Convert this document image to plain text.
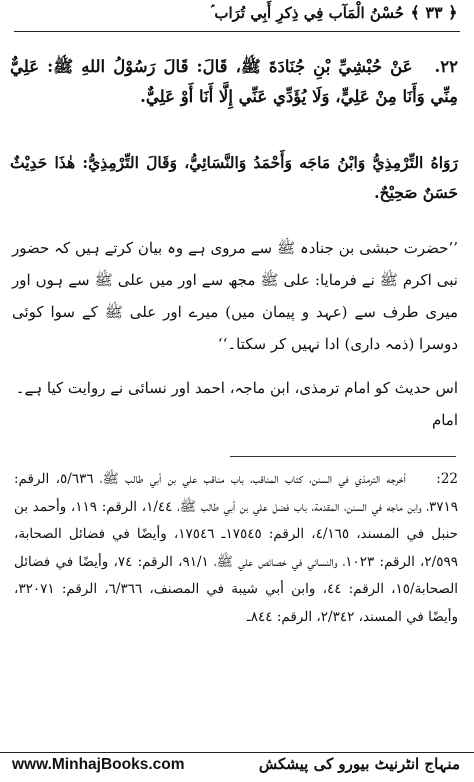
حُسْنُ الْمَآب فِي ذِکرِ أَبِي تُرَاب ؑ ﴿ ٣٣ ﴾
٢٢.عَنْ حُبْشِيِّ بْنِ جُنَادَةَ ﷺ، قَالَ: قَالَ رَسُوْلُ اللهِ ﷺ: عَلِيٌّ مِنِّي وَأَنَا مِنْ عَلِيٍّ، وَلَا يُؤَدِّي عَنِّي إِلَّا أَنَا أَوْ عَلِيٌّ.
رَوَاهُ التِّرْمِذِيُّ وَابْنُ مَاجَه وَأَحْمَدُ وَالنَّسَائِيُّ، وَقَالَ التِّرْمِذِيُّ: هٰذَا حَدِيْثٌ حَسَنٌ صَحِيْحٌ.
’’حضرت حبشی بن جنادہ ﷺ سے مروی ہے وہ بیان کرتے ہیں کہ حضور نبی اکرم ﷺ نے فرمایا: علی ﷺ مجھ سے اور میں علی ﷺ سے ہوں اور میری طرف سے (عہد و پیمان میں) میرے اور علی ﷺ کے سوا کوئی دوسرا (ذمہ داری) ادا نہیں کر سکتا۔‘‘
اس حدیث کو امام ترمذی، ابن ماجہ، احمد اور نسائی نے روایت کیا ہے۔ امام
22:أخرجه الترمذي في السنن، کتاب المناقب، باب مناقب علي بن أبي طالب ﷺ، ٥/٦٣٦، الرقم: ٣٧١٩، وابن ماجه في السنن، المقدمة، باب فضل علي بن أبي طالب ﷺ، ١/٤٤، الرقم: ١١٩، وأحمد بن حنبل في المسند، ٤/١٦٥، الرقم: ١٧٥٤٥ـ ١٧٥٤٦، وأيضًا في فضائل الصحابة، ٢/٥٩٩، الرقم: ١٠٢٣، والنسائي في خصائص علي ﷺ، ٩١/١، الرقم: ٧٤، وأيضًا في فضائل الصحابة/١٥، الرقم: ٤٤، وابن أبي شيبة في المصنف، ٦/٣٦٦، الرقم: ٣٢٠٧١، وأيضًا في المسند، ٢/٣٤٢، الرقم: ٨٤٤ـ
www.MinhajBooks.com	منہاج انٹرنیٹ بیورو کی پیشکش
